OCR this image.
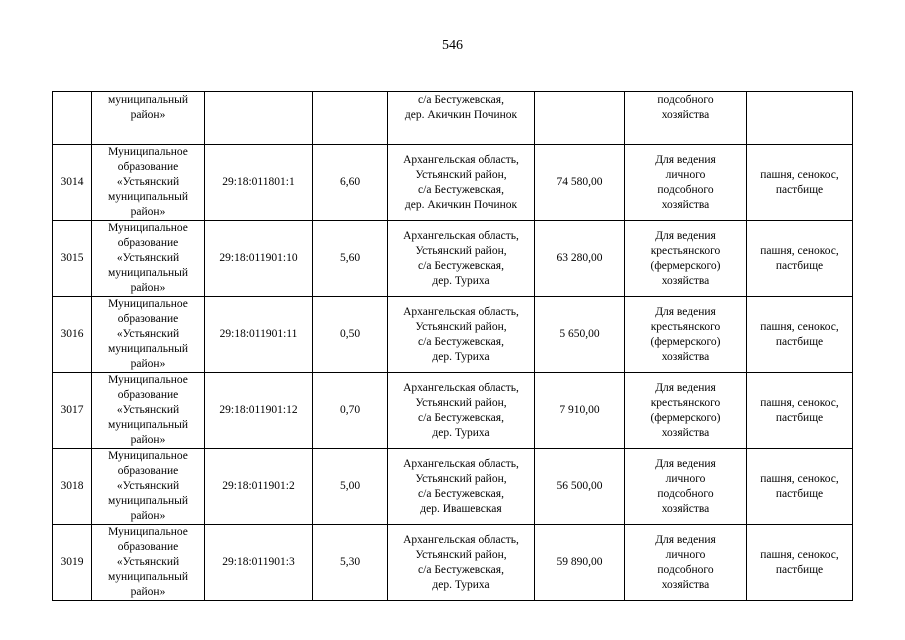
546

	муниципальный
район»			с/а Бестужевская,
дер. Акичкин Починок		подсобного
хозяйства	

3014	Муниципальное
образование
«Устьянский
муниципальный
район»	29:18:011801:1	6,60	Архангельская область,
Устьянский район,
с/а Бестужевская,
дер. Акичкин Починок	74 580,00	Для ведения
личного
подсобного
хозяйства	пашня, сенокос,
пастбище

3015	Муниципальное
образование
«Устьянский
муниципальный
район»	29:18:011901:10	5,60	Архангельская область,
Устьянский район,
с/а Бестужевская,
дер. Туриха	63 280,00	Для ведения
крестьянского
(фермерского)
хозяйства	пашня, сенокос,
пастбище

3016	Муниципальное
образование
«Устьянский
муниципальный
район»	29:18:011901:11	0,50	Архангельская область,
Устьянский район,
с/а Бестужевская,
дер. Туриха	5 650,00	Для ведения
крестьянского
(фермерского)
хозяйства	пашня, сенокос,
пастбище

3017	Муниципальное
образование
«Устьянский
муниципальный
район»	29:18:011901:12	0,70	Архангельская область,
Устьянский район,
с/а Бестужевская,
дер. Туриха	7 910,00	Для ведения
крестьянского
(фермерского)
хозяйства	пашня, сенокос,
пастбище

3018	Муниципальное
образование
«Устьянский
муниципальный
район»	29:18:011901:2	5,00	Архангельская область,
Устьянский район,
с/а Бестужевская,
дер. Ивашевская	56 500,00	Для ведения
личного
подсобного
хозяйства	пашня, сенокос,
пастбище

3019	Муниципальное
образование
«Устьянский
муниципальный
район»	29:18:011901:3	5,30	Архангельская область,
Устьянский район,
с/а Бестужевская,
дер. Туриха	59 890,00	Для ведения
личного
подсобного
хозяйства	пашня, сенокос,
пастбище
